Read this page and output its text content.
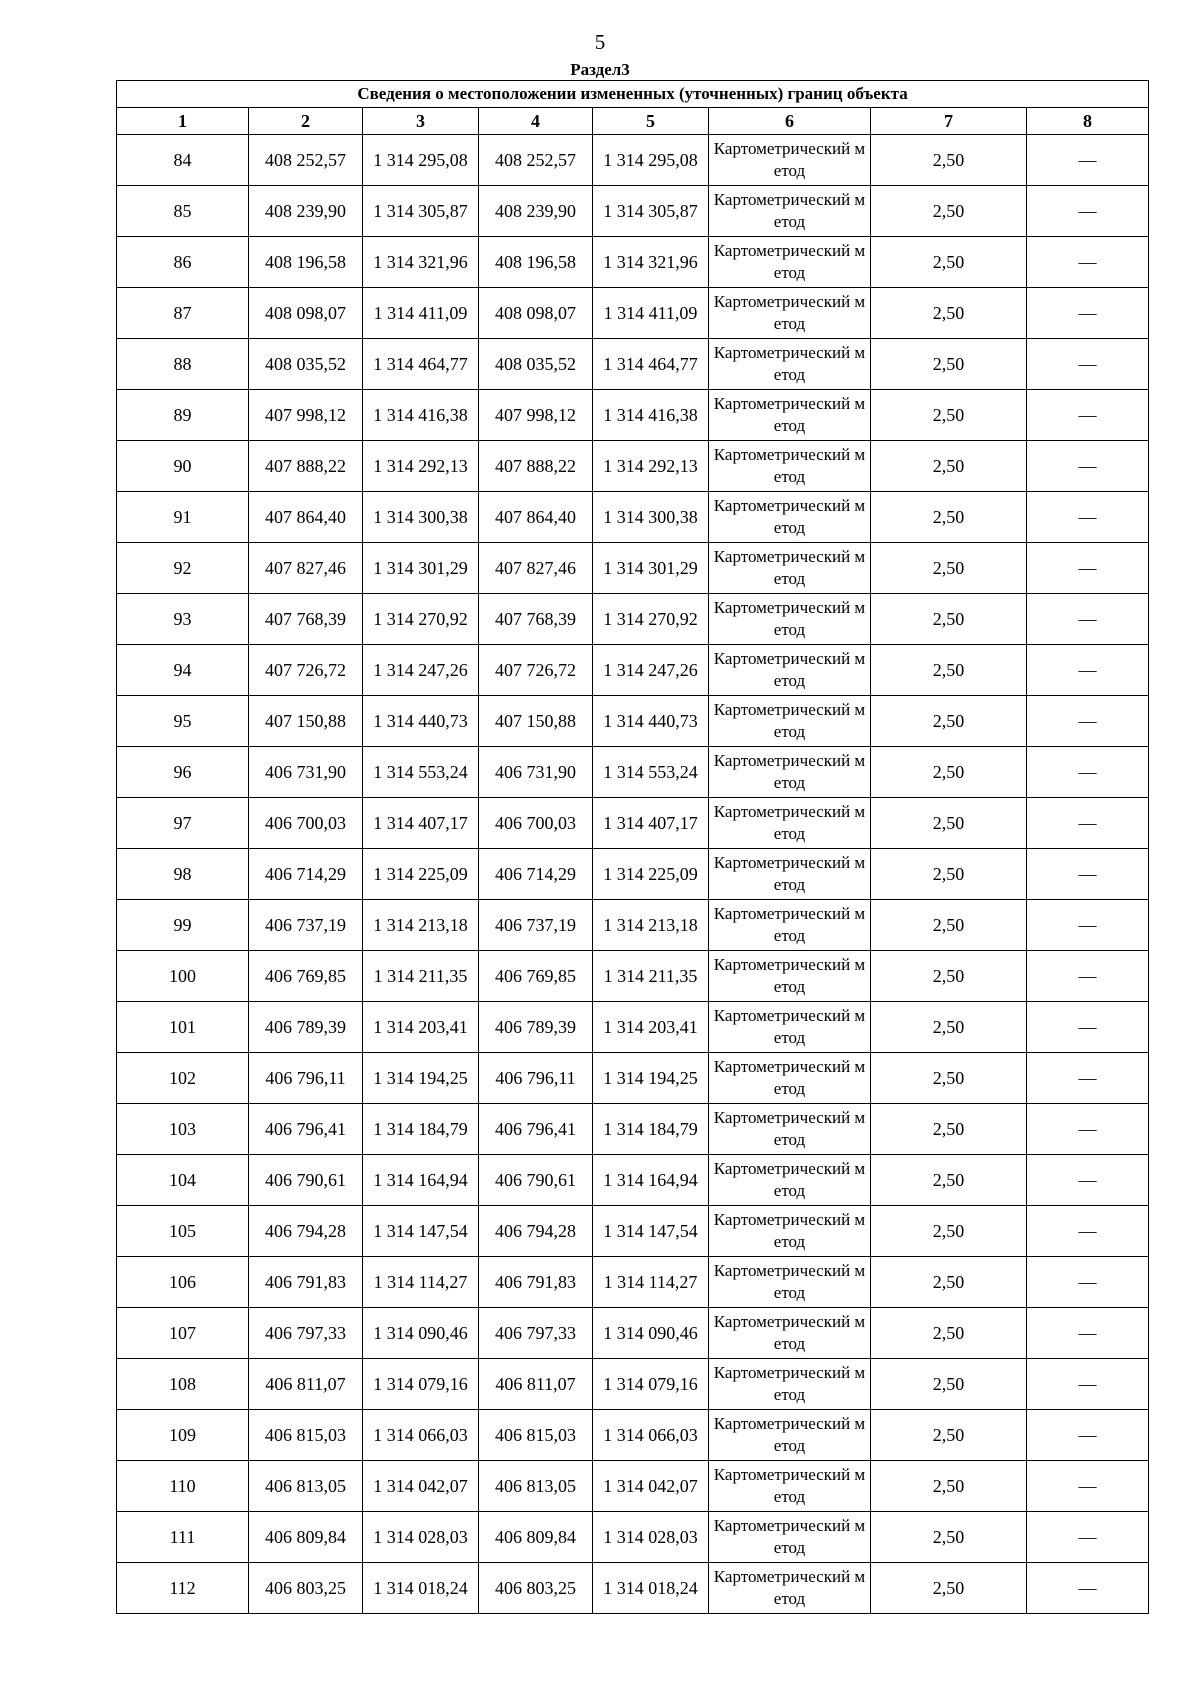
5
Раздел3
Сведения о местоположении измененных (уточненных) границ объекта							
1	2	3	4	5	6	7	8
84	408 252,57	1 314 295,08	408 252,57	1 314 295,08	Картометрический метод	2,50	—
85	408 239,90	1 314 305,87	408 239,90	1 314 305,87	Картометрический метод	2,50	—
86	408 196,58	1 314 321,96	408 196,58	1 314 321,96	Картометрический метод	2,50	—
87	408 098,07	1 314 411,09	408 098,07	1 314 411,09	Картометрический метод	2,50	—
88	408 035,52	1 314 464,77	408 035,52	1 314 464,77	Картометрический метод	2,50	—
89	407 998,12	1 314 416,38	407 998,12	1 314 416,38	Картометрический метод	2,50	—
90	407 888,22	1 314 292,13	407 888,22	1 314 292,13	Картометрический метод	2,50	—
91	407 864,40	1 314 300,38	407 864,40	1 314 300,38	Картометрический метод	2,50	—
92	407 827,46	1 314 301,29	407 827,46	1 314 301,29	Картометрический метод	2,50	—
93	407 768,39	1 314 270,92	407 768,39	1 314 270,92	Картометрический метод	2,50	—
94	407 726,72	1 314 247,26	407 726,72	1 314 247,26	Картометрический метод	2,50	—
95	407 150,88	1 314 440,73	407 150,88	1 314 440,73	Картометрический метод	2,50	—
96	406 731,90	1 314 553,24	406 731,90	1 314 553,24	Картометрический метод	2,50	—
97	406 700,03	1 314 407,17	406 700,03	1 314 407,17	Картометрический метод	2,50	—
98	406 714,29	1 314 225,09	406 714,29	1 314 225,09	Картометрический метод	2,50	—
99	406 737,19	1 314 213,18	406 737,19	1 314 213,18	Картометрический метод	2,50	—
100	406 769,85	1 314 211,35	406 769,85	1 314 211,35	Картометрический метод	2,50	—
101	406 789,39	1 314 203,41	406 789,39	1 314 203,41	Картометрический метод	2,50	—
102	406 796,11	1 314 194,25	406 796,11	1 314 194,25	Картометрический метод	2,50	—
103	406 796,41	1 314 184,79	406 796,41	1 314 184,79	Картометрический метод	2,50	—
104	406 790,61	1 314 164,94	406 790,61	1 314 164,94	Картометрический метод	2,50	—
105	406 794,28	1 314 147,54	406 794,28	1 314 147,54	Картометрический метод	2,50	—
106	406 791,83	1 314 114,27	406 791,83	1 314 114,27	Картометрический метод	2,50	—
107	406 797,33	1 314 090,46	406 797,33	1 314 090,46	Картометрический метод	2,50	—
108	406 811,07	1 314 079,16	406 811,07	1 314 079,16	Картометрический метод	2,50	—
109	406 815,03	1 314 066,03	406 815,03	1 314 066,03	Картометрический метод	2,50	—
110	406 813,05	1 314 042,07	406 813,05	1 314 042,07	Картометрический метод	2,50	—
111	406 809,84	1 314 028,03	406 809,84	1 314 028,03	Картометрический метод	2,50	—
112	406 803,25	1 314 018,24	406 803,25	1 314 018,24	Картометрический метод	2,50	—
